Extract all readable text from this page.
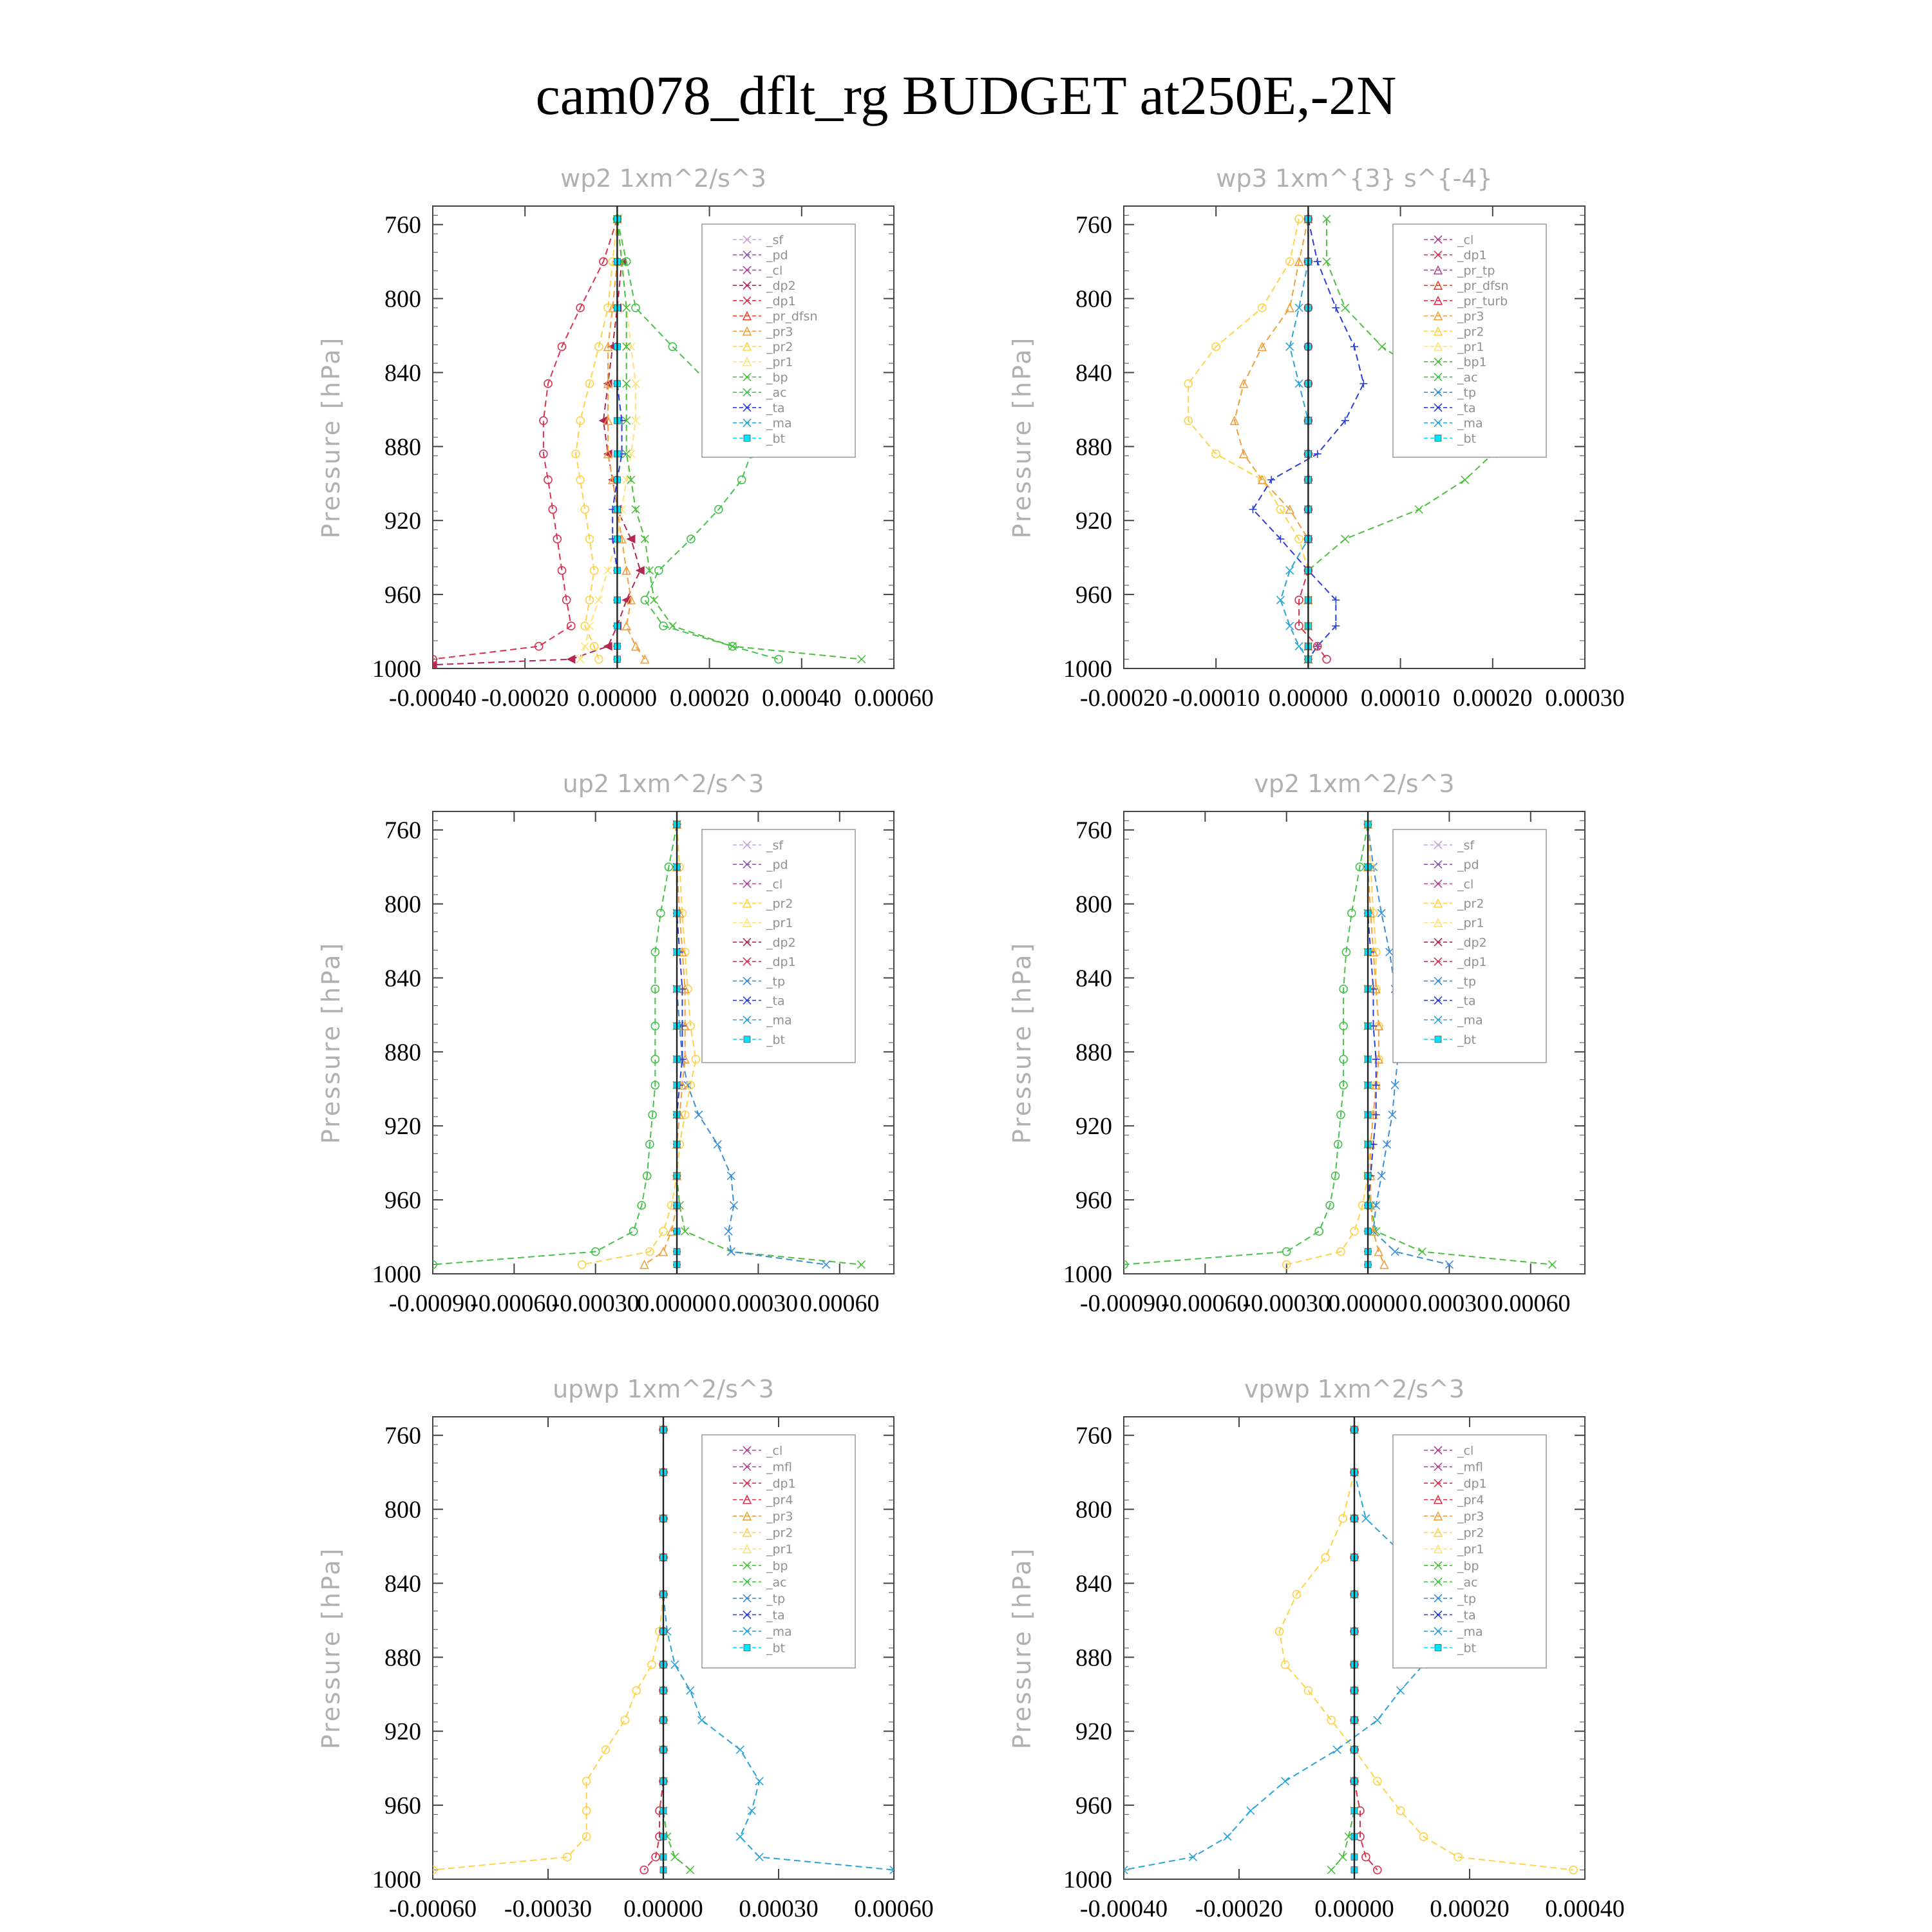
cam078_dflt_rg BUDGET at250E,-2N
wp2 1xm^2/s^3
Pressure [hPa]
760
800
840
880
920
960
1000
-0.00040 -0.00020 0.00000 0.00020 0.00040 0.00060
_sf
_pd
_cl
_dp2
_dp1
_pr_dfsn
_pr3
_pr2
_pr1
_bp
_ac
_ta
_ma
_bt
wp3 1xm^{3} s^{-4}
Pressure [hPa]
760
800
840
880
920
960
1000
-0.00020 -0.00010 0.00000 0.00010 0.00020 0.00030
_cl
_dp1
_pr_tp
_pr_dfsn
_pr_turb
_pr3
_pr2
_pr1
_bp1
_ac
_tp
_ta
_ma
_bt
up2 1xm^2/s^3
Pressure [hPa]
760
800
840
880
920
960
1000
-0.00090
-0.00060
-0.00030
0.00000 0.00030 0.00060
_sf
_pd
_cl
_pr2
_pr1
_dp2
_dp1
_tp
_ta
_ma
_bt
vp2 1xm^2/s^3
Pressure [hPa]
760
800
840
880
920
960
1000
-0.00090
-0.00060
-0.00030
0.00000 0.00030 0.00060
_sf
_pd
_cl
_pr2
_pr1
_dp2
_dp1
_tp
_ta
_ma
_bt
upwp 1xm^2/s^3
Pressure [hPa]
760
800
840
880
920
960
1000
-0.00060 -0.00030 0.00000 0.00030 0.00060
_cl
_mfl
_dp1
_pr4
_pr3
_pr2
_pr1
_bp
_ac
_tp
_ta
_ma
_bt
vpwp 1xm^2/s^3
Pressure [hPa]
760
800
840
880
920
960
1000
-0.00040 -0.00020 0.00000 0.00020 0.00040
_cl
_mfl
_dp1
_pr4
_pr3
_pr2
_pr1
_bp
_ac
_tp
_ta
_ma
_bt
